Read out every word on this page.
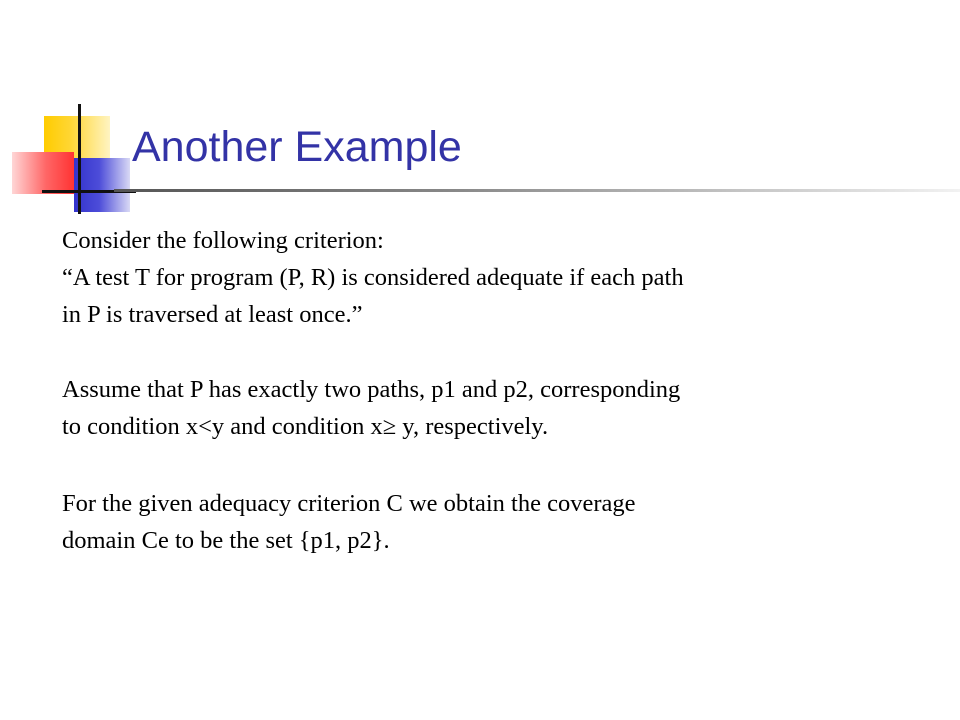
Another Example

Consider the following criterion:

“A test T for program (P, R) is considered adequate if each path

in P is traversed at least once.”

Assume that P has exactly two paths, p1 and p2, corresponding

to condition x<y and condition x≥ y, respectively.

For the given adequacy criterion C we obtain the coverage

domain Ce to be the set {p1, p2}.
